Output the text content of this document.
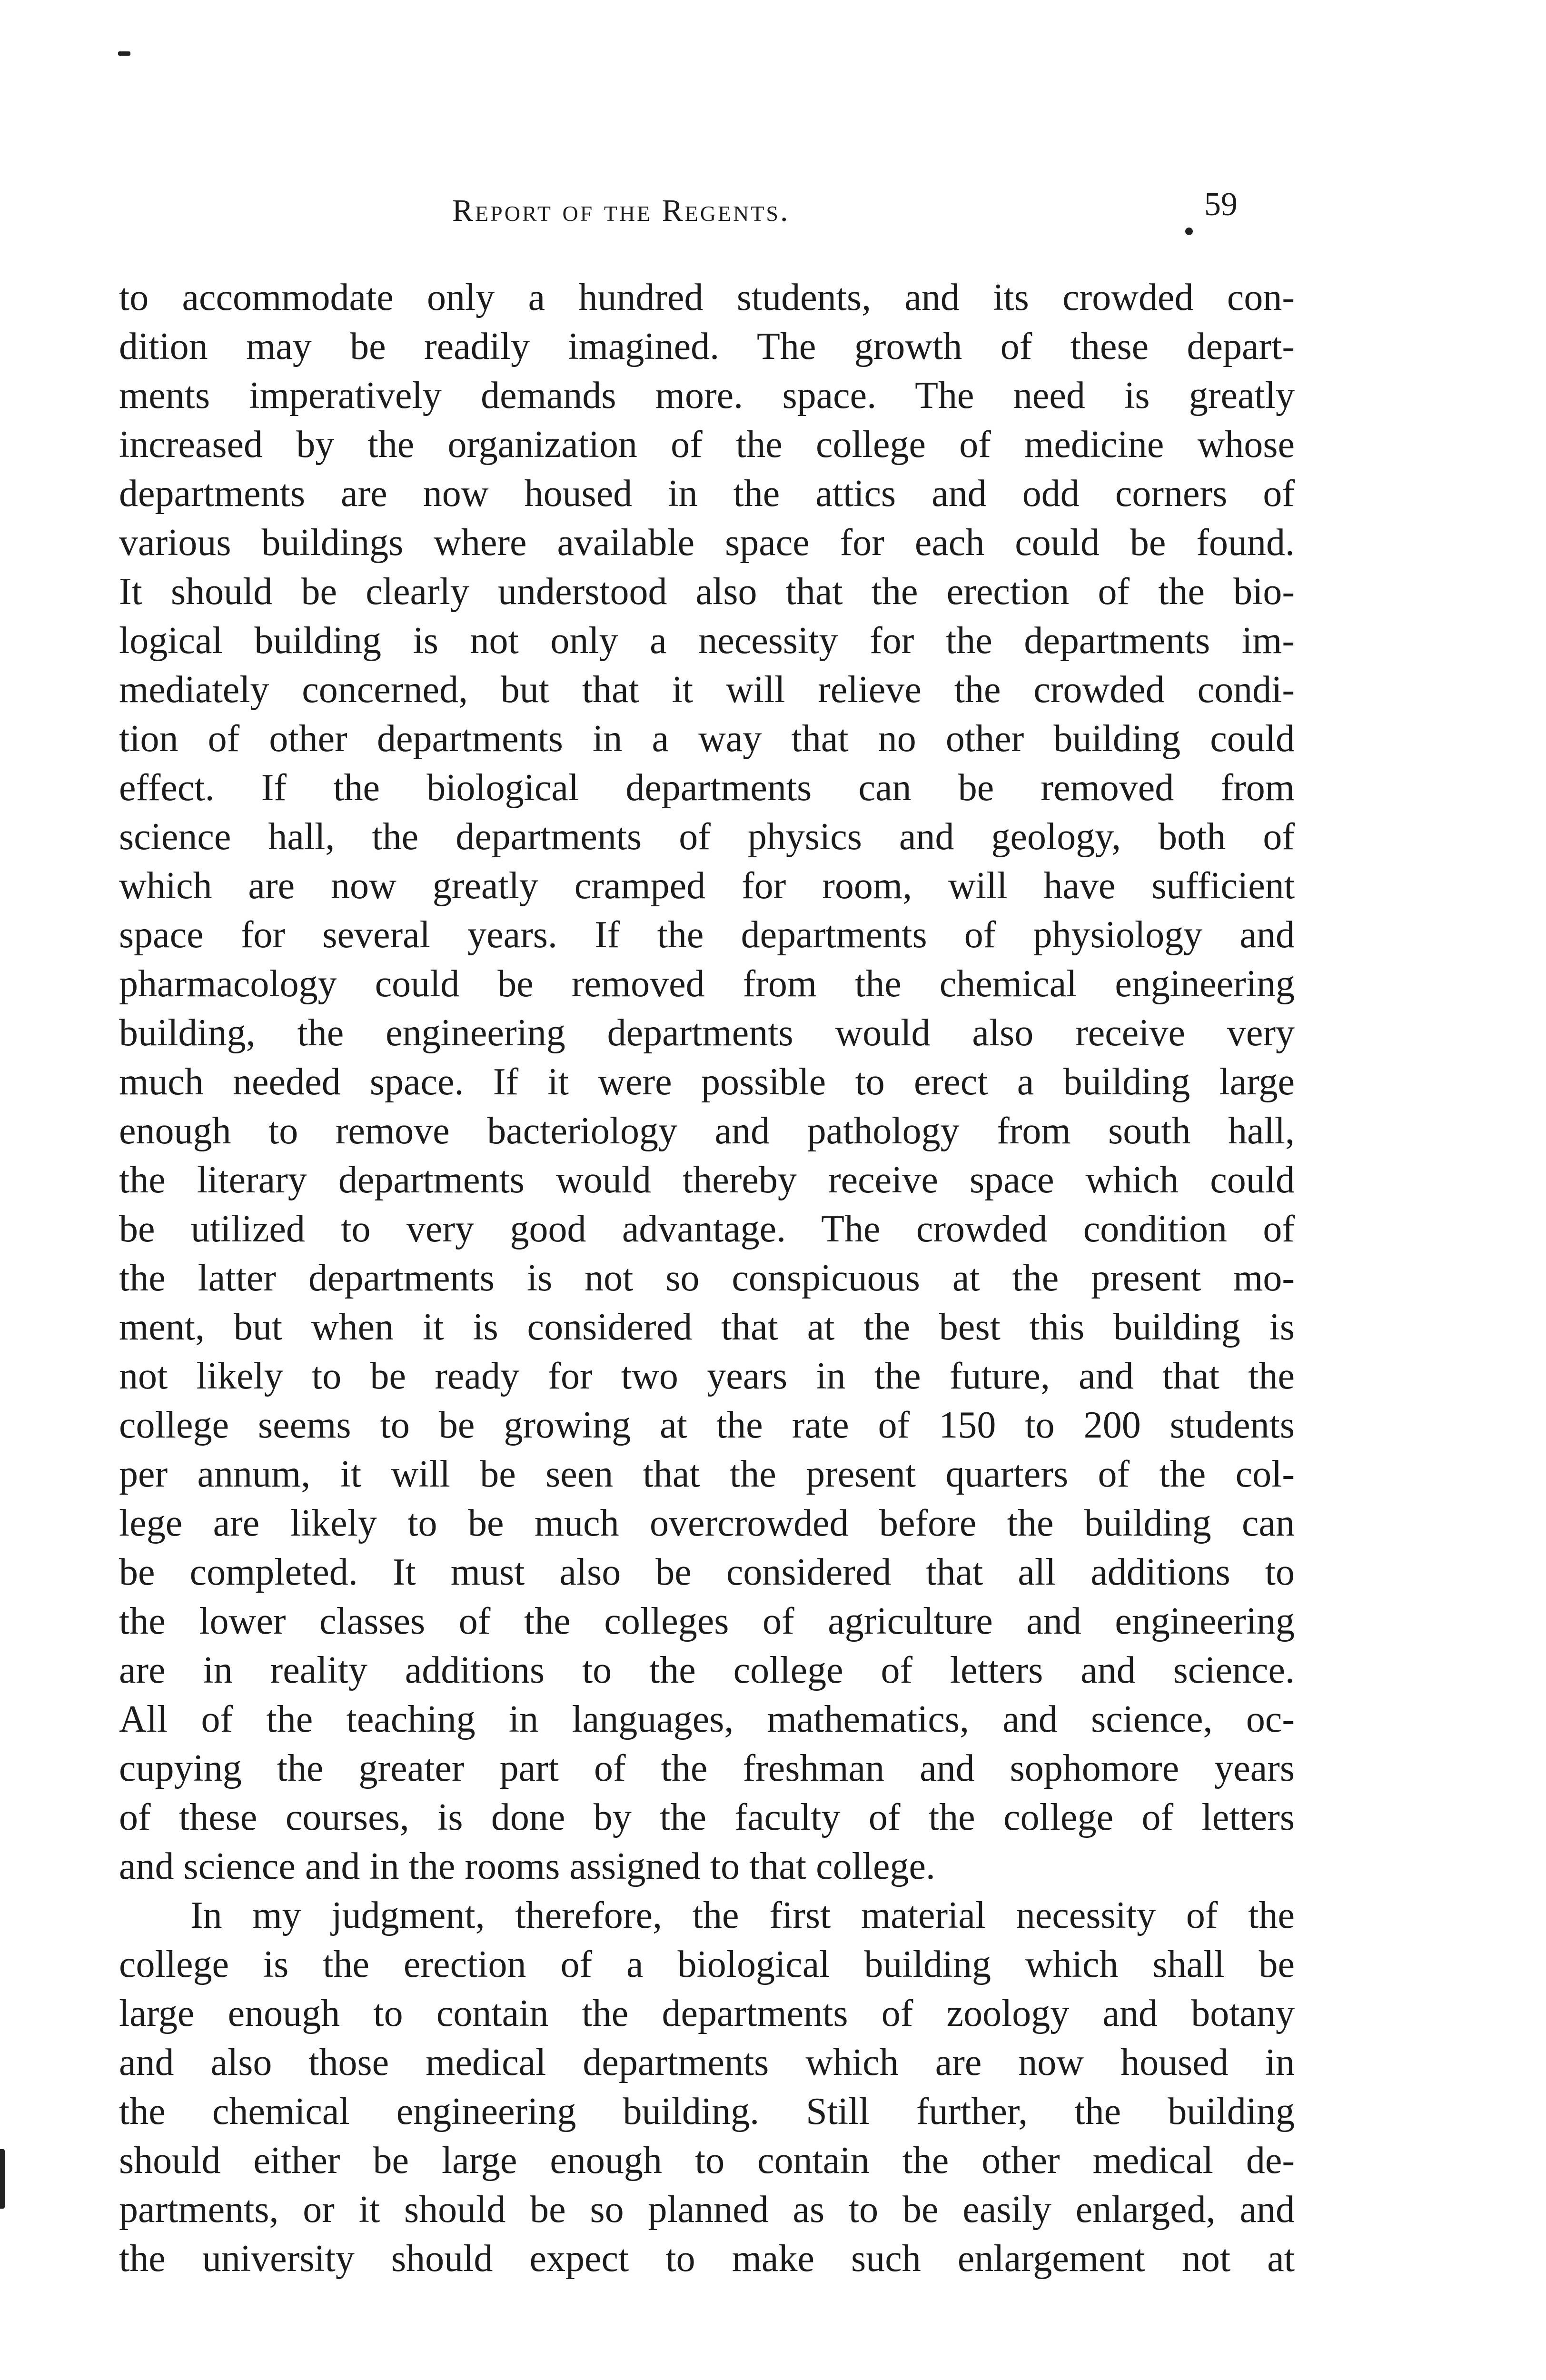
Report of the Regents.	59
to accommodate only a hundred students, and its crowded con-
dition may be readily imagined. The growth of these depart-
ments imperatively demands more. space. The need is greatly
increased by the organization of the college of medicine whose
departments are now housed in the attics and odd corners of
various buildings where available space for each could be found.
It should be clearly understood also that the erection of the bio-
logical building is not only a necessity for the departments im-
mediately concerned, but that it will relieve the crowded condi-
tion of other departments in a way that no other building could
effect. If the biological departments can be removed from
science hall, the departments of physics and geology, both of
which are now greatly cramped for room, will have sufficient
space for several years. If the departments of physiology and
pharmacology could be removed from the chemical engineering
building, the engineering departments would also receive very
much needed space. If it were possible to erect a building large
enough to remove bacteriology and pathology from south hall,
the literary departments would thereby receive space which could
be utilized to very good advantage. The crowded condition of
the latter departments is not so conspicuous at the present mo-
ment, but when it is considered that at the best this building is
not likely to be ready for two years in the future, and that the
college seems to be growing at the rate of 150 to 200 students
per annum, it will be seen that the present quarters of the col-
lege are likely to be much overcrowded before the building can
be completed. It must also be considered that all additions to
the lower classes of the colleges of agriculture and engineering
are in reality additions to the college of letters and science.
All of the teaching in languages, mathematics, and science, oc-
cupying the greater part of the freshman and sophomore years
of these courses, is done by the faculty of the college of letters
and science and in the rooms assigned to that college.
In my judgment, therefore, the first material necessity of the
college is the erection of a biological building which shall be
large enough to contain the departments of zoology and botany
and also those medical departments which are now housed in
the chemical engineering building. Still further, the building
should either be large enough to contain the other medical de-
partments, or it should be so planned as to be easily enlarged, and
the university should expect to make such enlargement not at
